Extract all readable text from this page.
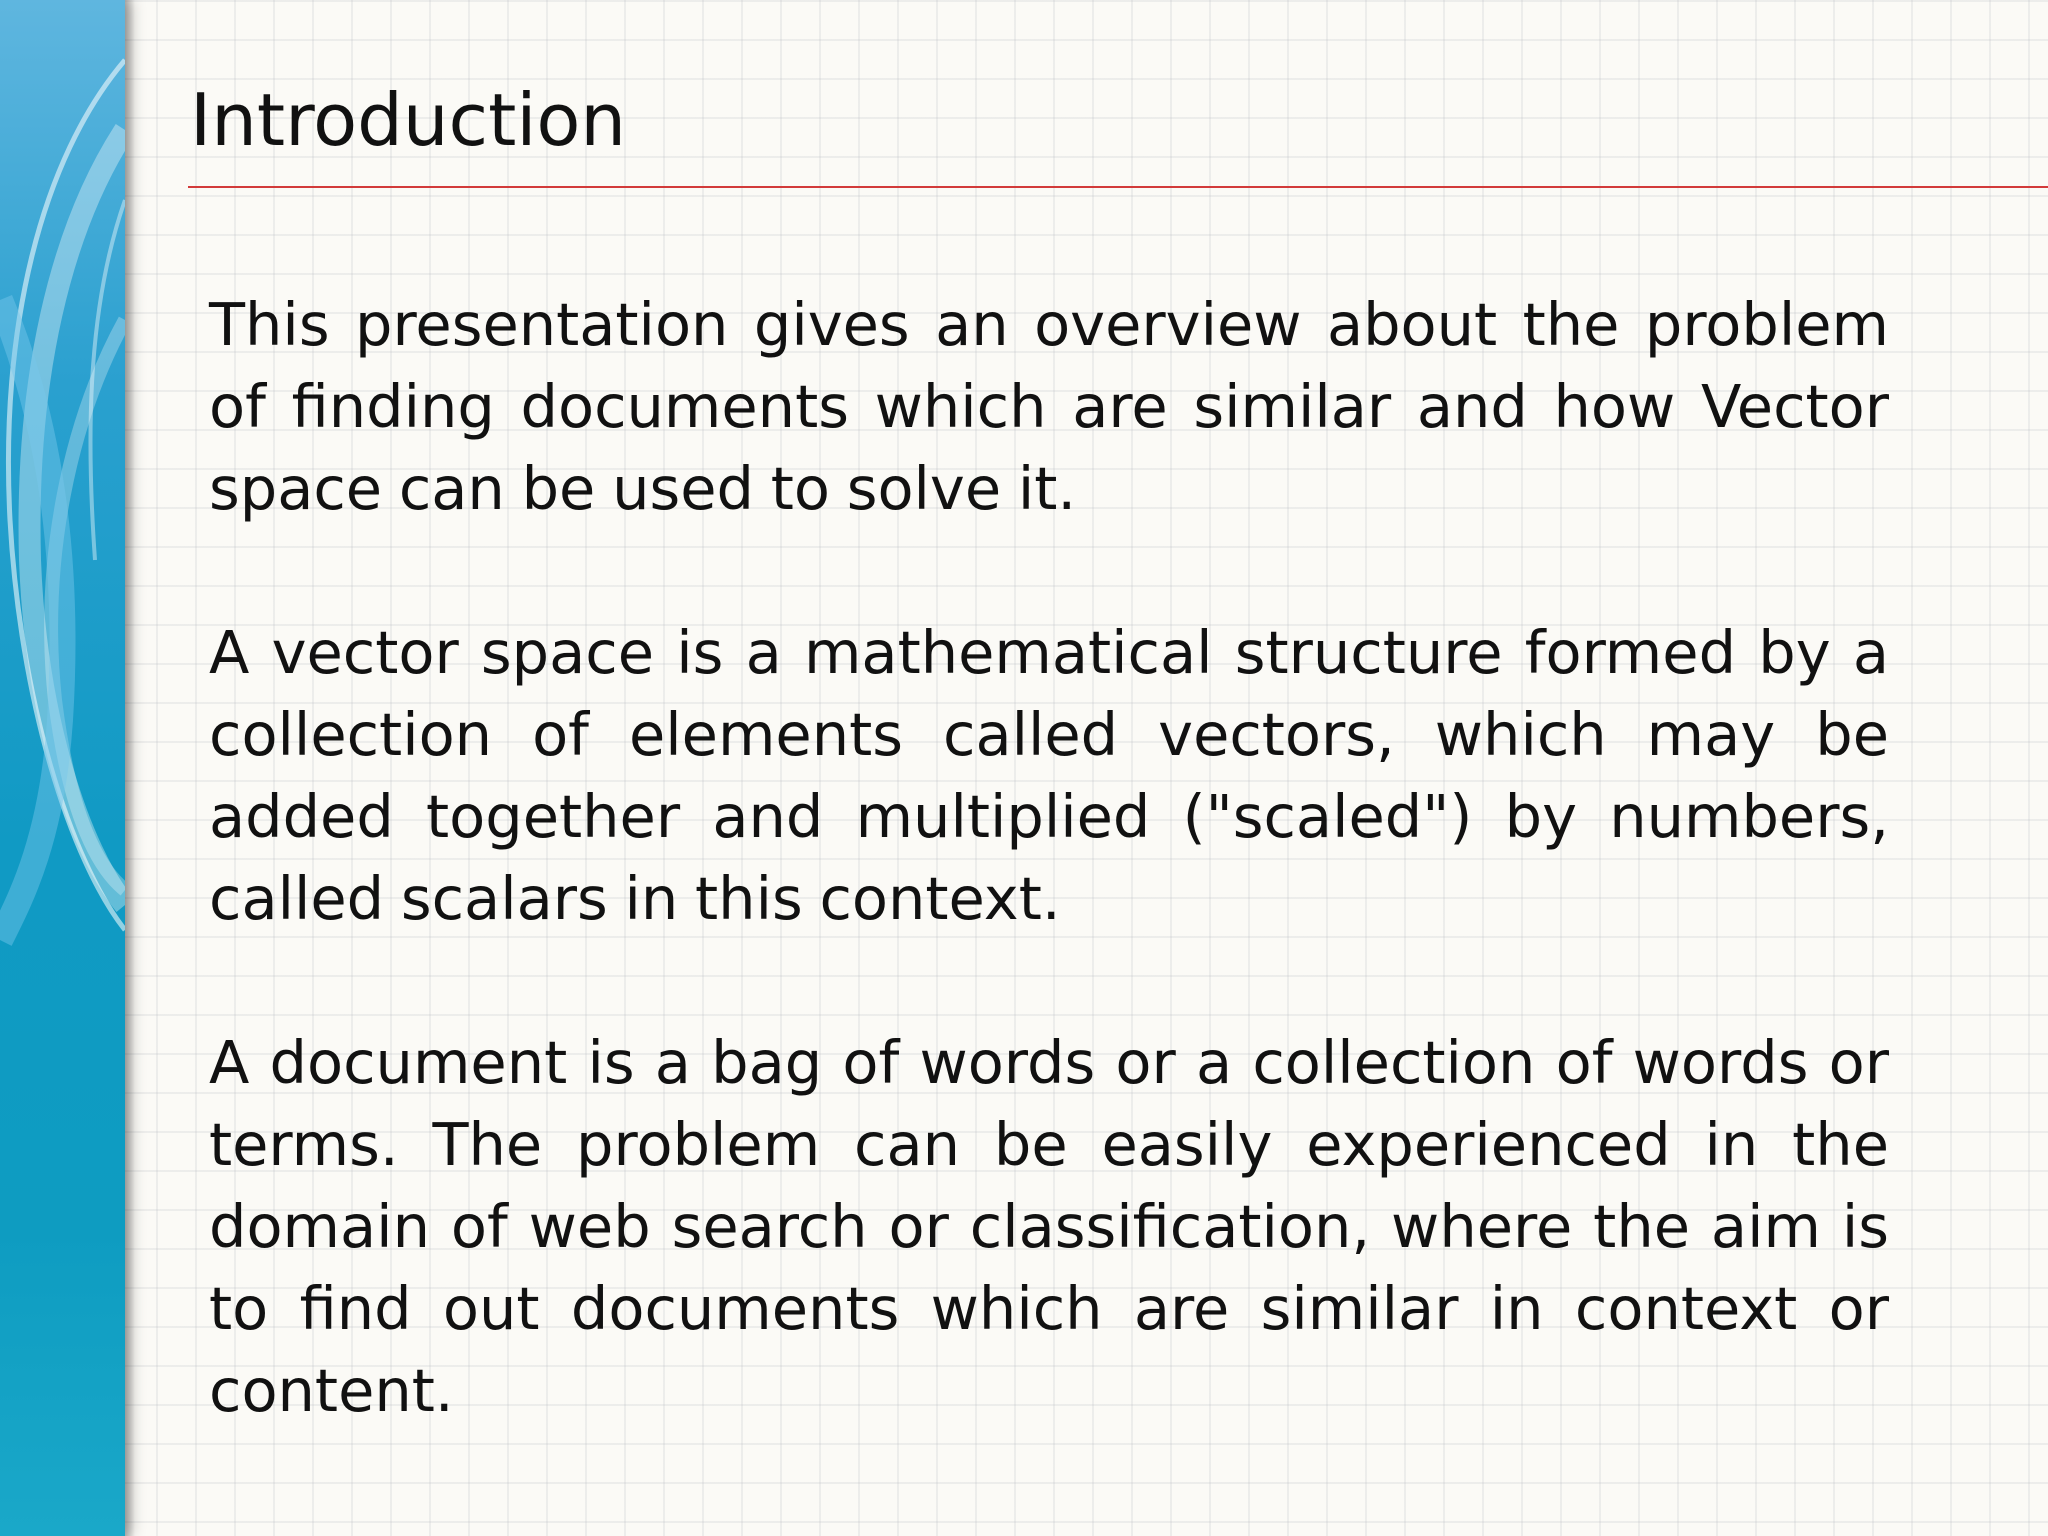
Introduction

This presentation gives an overview about the problem of finding documents which are similar and how Vector space can be used to solve it.

A vector space is a mathematical structure formed by a collection of elements called vectors, which may be added together and multiplied ("scaled") by numbers, called scalars in this context.

A document is a bag of words or a collection of words or terms. The problem can be easily experienced in the domain of web search or classification, where the aim is to find out documents which are similar in context or content.
